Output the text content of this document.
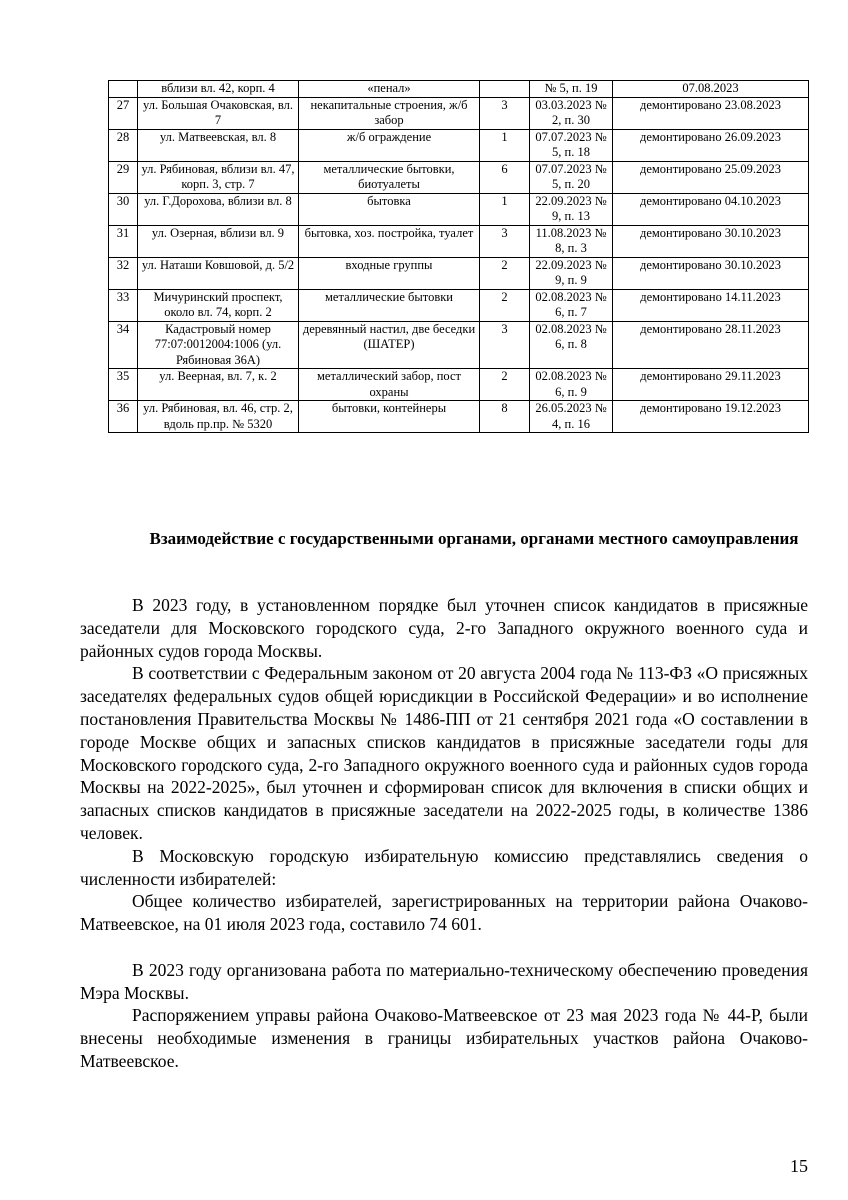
	вблизи вл. 42, корп. 4	«пенал»		№ 5, п. 19	07.08.2023
27	ул. Большая Очаковская, вл. 7	некапитальные строения, ж/б забор	3	03.03.2023 № 2, п. 30	демонтировано 23.08.2023
28	ул. Матвеевская, вл. 8	ж/б ограждение	1	07.07.2023 № 5, п. 18	демонтировано 26.09.2023
29	ул. Рябиновая, вблизи вл. 47, корп. 3, стр. 7	металлические бытовки, биотуалеты	6	07.07.2023 № 5, п. 20	демонтировано 25.09.2023
30	ул. Г.Дорохова, вблизи вл. 8	бытовка	1	22.09.2023 № 9, п. 13	демонтировано 04.10.2023
31	ул. Озерная, вблизи вл. 9	бытовка, хоз. постройка, туалет	3	11.08.2023 № 8, п. 3	демонтировано 30.10.2023
32	ул. Наташи Ковшовой, д. 5/2	входные группы	2	22.09.2023 № 9, п. 9	демонтировано 30.10.2023
33	Мичуринский проспект, около вл. 74, корп. 2	металлические бытовки	2	02.08.2023 № 6, п. 7	демонтировано 14.11.2023
34	Кадастровый номер 77:07:0012004:1006 (ул. Рябиновая 36А)	деревянный настил, две беседки (ШАТЕР)	3	02.08.2023 № 6, п. 8	демонтировано 28.11.2023
35	ул. Веерная, вл. 7, к. 2	металлический забор, пост охраны	2	02.08.2023 № 6, п. 9	демонтировано 29.11.2023
36	ул. Рябиновая, вл. 46, стр. 2, вдоль пр.пр. № 5320	бытовки, контейнеры	8	26.05.2023 № 4, п. 16	демонтировано 19.12.2023
Взаимодействие с государственными органами, органами местного самоуправления

В 2023 году, в установленном порядке был уточнен список кандидатов в присяжные заседатели для Московского городского суда, 2-го Западного окружного военного суда и районных судов города Москвы.

В соответствии с Федеральным законом от 20 августа 2004 года № 113-ФЗ «О присяжных заседателях федеральных судов общей юрисдикции в Российской Федерации» и во исполнение постановления Правительства Москвы № 1486-ПП от 21 сентября 2021 года «О составлении в городе Москве общих и запасных списков кандидатов в присяжные заседатели годы для Московского городского суда, 2-го Западного окружного военного суда и районных судов города Москвы на 2022-2025», был уточнен и сформирован список для включения в списки общих и запасных списков кандидатов в присяжные заседатели на 2022-2025 годы, в количестве 1386 человек.

В Московскую городскую избирательную комиссию представлялись сведения о численности избирателей:

Общее количество избирателей, зарегистрированных на территории района Очаково-Матвеевское, на 01 июля 2023 года, составило 74 601.

В 2023 году организована работа по материально-техническому обеспечению проведения Мэра Москвы.

Распоряжением управы района Очаково-Матвеевское от 23 мая 2023 года № 44-Р, были внесены необходимые изменения в границы избирательных участков района Очаково-Матвеевское.

15
